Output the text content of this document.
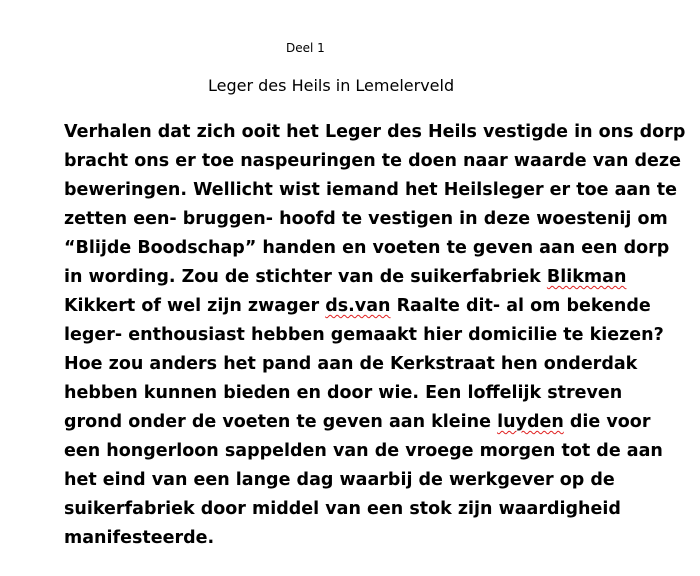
Deel 1
Leger des Heils in Lemelerveld
Verhalen dat zich ooit het Leger des Heils vestigde in ons dorp
bracht ons er toe naspeuringen te doen naar waarde van deze
beweringen. Wellicht wist iemand het Heilsleger er toe aan te
zetten een- bruggen- hoofd te vestigen in deze woestenij om
“Blijde Boodschap” handen en voeten te geven aan een dorp
in wording. Zou de stichter van de suikerfabriek Blikman
Kikkert of wel zijn zwager ds.van Raalte dit- al om bekende
leger- enthousiast hebben gemaakt hier domicilie te kiezen?
Hoe zou anders het pand aan de Kerkstraat hen onderdak
hebben kunnen bieden en door wie. Een loffelijk streven
grond onder de voeten te geven aan kleine luyden die voor
een hongerloon sappelden van de vroege morgen tot de aan
het eind van een lange dag waarbij de werkgever op de
suikerfabriek door middel van een stok zijn waardigheid
manifesteerde.
